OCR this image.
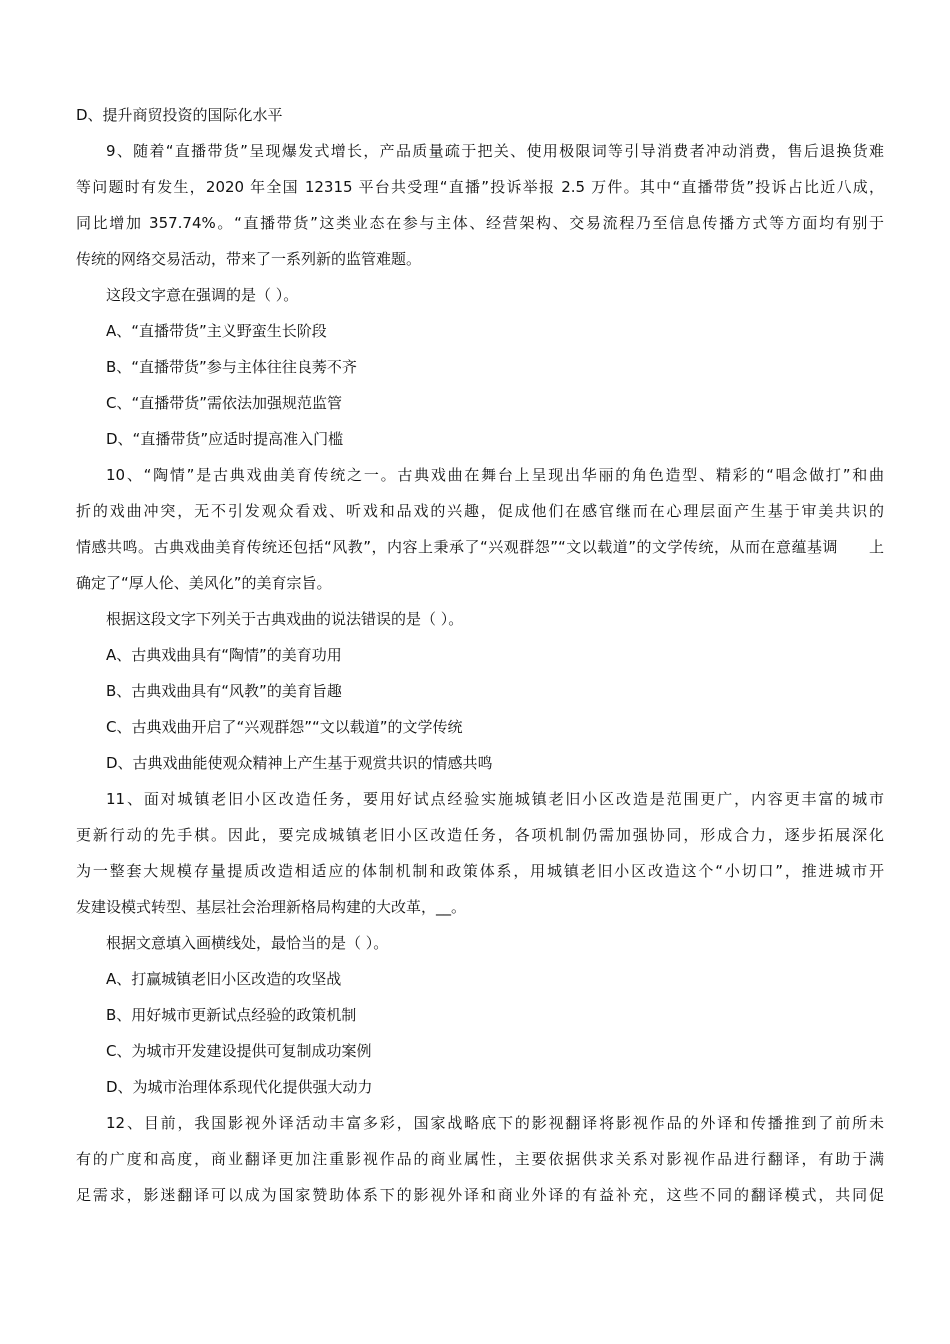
D、提升商贸投资的国际化水平
9、随着“直播带货”呈现爆发式增长，产品质量疏于把关、使用极限词等引导消费者冲动消费，售后退换货难
等问题时有发生，2020 年全国 12315 平台共受理“直播”投诉举报 2.5 万件。其中“直播带货”投诉占比近八成，
同比增加 357.74%。“直播带货”这类业态在参与主体、经营架构、交易流程乃至信息传播方式等方面均有别于
传统的网络交易活动，带来了一系列新的监管难题。
这段文字意在强调的是（ ）。
A、“直播带货”主义野蛮生长阶段
B、“直播带货”参与主体往往良莠不齐
C、“直播带货”需依法加强规范监管
D、“直播带货”应适时提高准入门槛
10、“陶情”是古典戏曲美育传统之一。古典戏曲在舞台上呈现出华丽的角色造型、精彩的“唱念做打”和曲
折的戏曲冲突，无不引发观众看戏、听戏和品戏的兴趣，促成他们在感官继而在心理层面产生基于审美共识的
情感共鸣。古典戏曲美育传统还包括“风教”，内容上秉承了“兴观群怨”“文以载道”的文学传统，从而在意蕴基调　　上
确定了“厚人伦、美风化”的美育宗旨。
根据这段文字下列关于古典戏曲的说法错误的是（ ）。
A、古典戏曲具有“陶情”的美育功用
B、古典戏曲具有“风教”的美育旨趣
C、古典戏曲开启了“兴观群怨”“文以载道”的文学传统
D、古典戏曲能使观众精神上产生基于观赏共识的情感共鸣
11、面对城镇老旧小区改造任务，要用好试点经验实施城镇老旧小区改造是范围更广，内容更丰富的城市
更新行动的先手棋。因此，要完成城镇老旧小区改造任务，各项机制仍需加强协同，形成合力，逐步拓展深化
为一整套大规模存量提质改造相适应的体制机制和政策体系，用城镇老旧小区改造这个“小切口”，推进城市开
发建设模式转型、基层社会治理新格局构建的大改革，__。
根据文意填入画横线处，最恰当的是（ ）。
A、打赢城镇老旧小区改造的攻坚战
B、用好城市更新试点经验的政策机制
C、为城市开发建设提供可复制成功案例
D、为城市治理体系现代化提供强大动力
12、目前，我国影视外译活动丰富多彩，国家战略底下的影视翻译将影视作品的外译和传播推到了前所未
有的广度和高度，商业翻译更加注重影视作品的商业属性，主要依据供求关系对影视作品进行翻译，有助于满
足需求，影迷翻译可以成为国家赞助体系下的影视外译和商业外译的有益补充，这些不同的翻译模式，共同促
